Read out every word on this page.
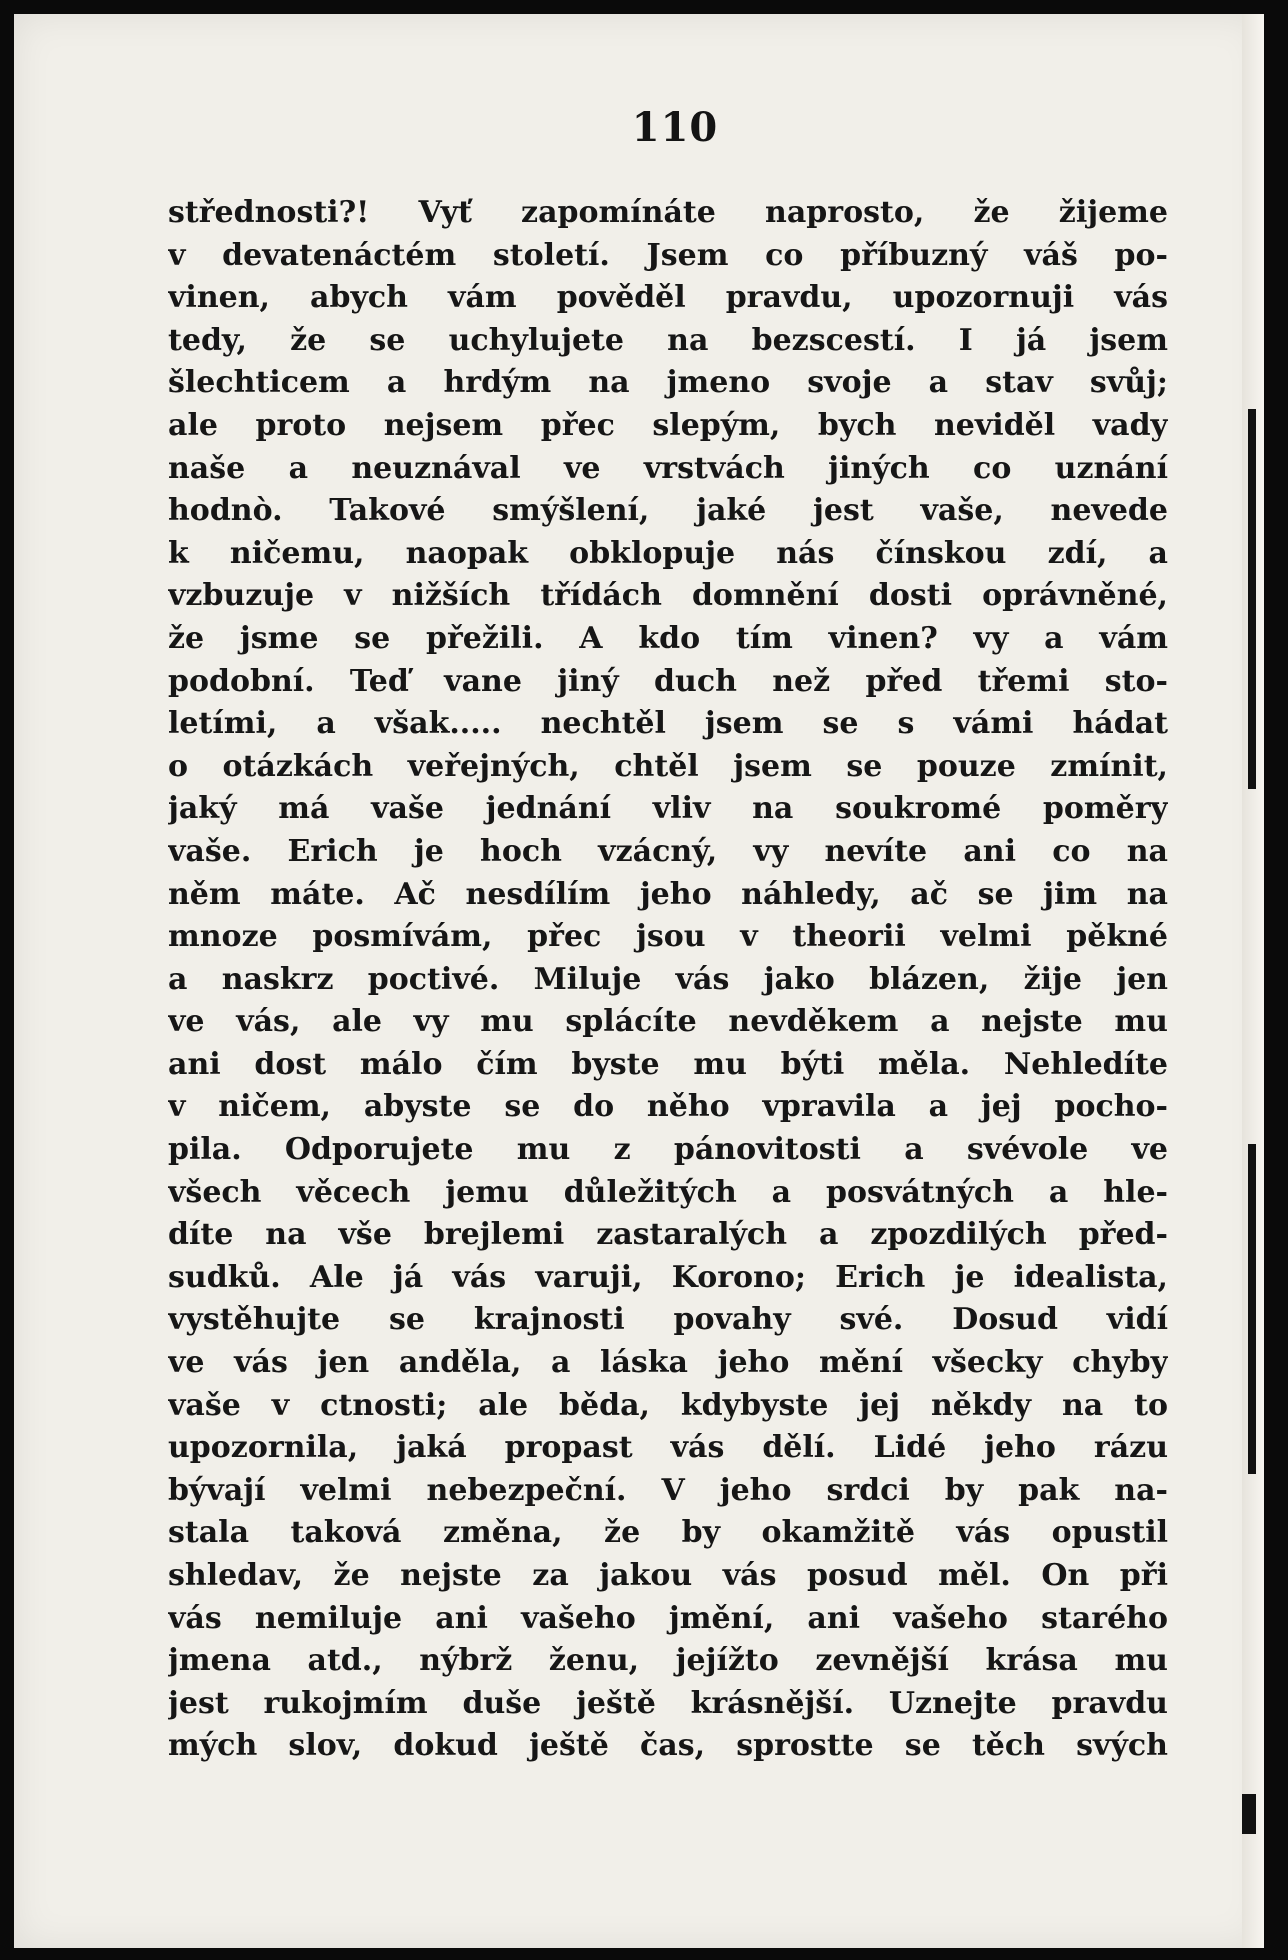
110
střednosti?! Vyť zapomínáte naprosto, že žijeme
v devatenáctém století. Jsem co příbuzný váš po-
vinen, abych vám pověděl pravdu, upozornuji vás
tedy, že se uchylujete na bezscestí. I já jsem
šlechticem a hrdým na jmeno svoje a stav svůj;
ale proto nejsem přec slepým, bych neviděl vady
naše a neuznával ve vrstvách jiných co uznání
hodnò. Takové smýšlení, jaké jest vaše, nevede
k ničemu, naopak obklopuje nás čínskou zdí, a
vzbuzuje v nižších třídách domnění dosti oprávněné,
že jsme se přežili. A kdo tím vinen? vy a vám
podobní. Teď vane jiný duch než před třemi sto-
letími, a však..... nechtěl jsem se s vámi hádat
o otázkách veřejných, chtěl jsem se pouze zmínit,
jaký má vaše jednání vliv na soukromé poměry
vaše. Erich je hoch vzácný, vy nevíte ani co na
něm máte. Ač nesdílím jeho náhledy, ač se jim na
mnoze posmívám, přec jsou v theorii velmi pěkné
a naskrz poctivé. Miluje vás jako blázen, žije jen
ve vás, ale vy mu splácíte nevděkem a nejste mu
ani dost málo čím byste mu býti měla. Nehledíte
v ničem, abyste se do něho vpravila a jej pocho-
pila. Odporujete mu z pánovitosti a svévole ve
všech věcech jemu důležitých a posvátných a hle-
díte na vše brejlemi zastaralých a zpozdilých před-
sudků. Ale já vás varuji, Korono; Erich je idealista,
vystěhujte se krajnosti povahy své. Dosud vidí
ve vás jen anděla, a láska jeho mění všecky chyby
vaše v ctnosti; ale běda, kdybyste jej někdy na to
upozornila, jaká propast vás dělí. Lidé jeho rázu
bývají velmi nebezpeční. V jeho srdci by pak na-
stala taková změna, že by okamžitě vás opustil
shledav, že nejste za jakou vás posud měl. On při
vás nemiluje ani vašeho jmění, ani vašeho starého
jmena atd., nýbrž ženu, jejížto zevnější krása mu
jest rukojmím duše ještě krásnější. Uznejte pravdu
mých slov, dokud ještě čas, sprostte se těch svých
